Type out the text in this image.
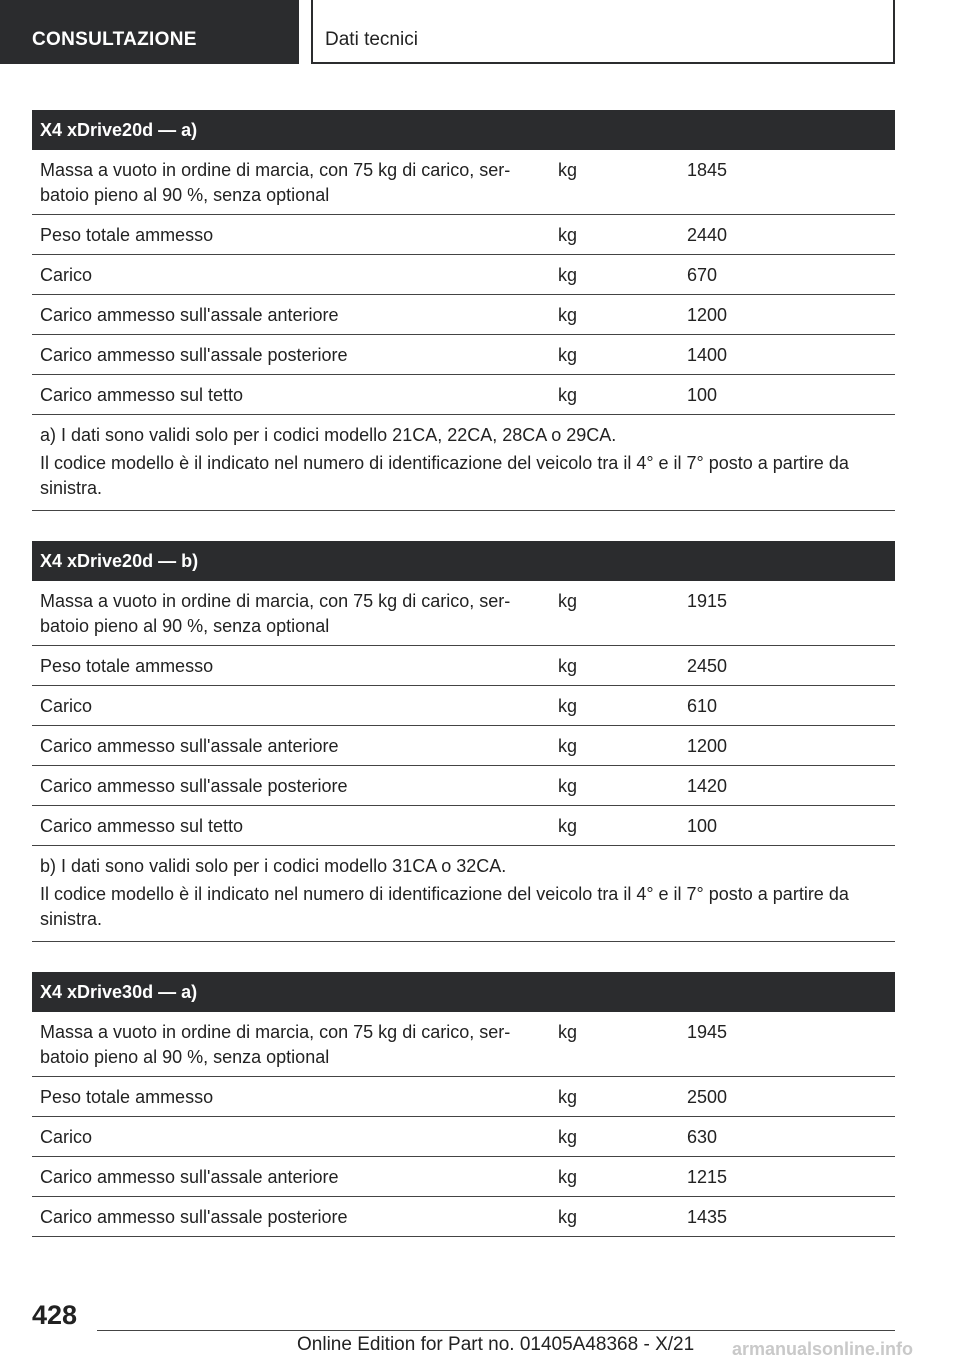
CONSULTAZIONE	Dati tecnici
X4 xDrive20d — a)
Massa a vuoto in ordine di marcia, con 75 kg di carico, ser-
batoio pieno al 90 %, senza optional
kg	1845
Peso totale ammesso	kg	2440
Carico	kg	670
Carico ammesso sull'assale anteriore	kg	1200
Carico ammesso sull'assale posteriore	kg	1400
Carico ammesso sul tetto	kg	100

a) I dati sono validi solo per i codici modello 21CA, 22CA, 28CA o 29CA.

Il codice modello è il indicato nel numero di identificazione del veicolo tra il 4° e il 7° posto a partire da sinistra.

X4 xDrive20d — b)
Massa a vuoto in ordine di marcia, con 75 kg di carico, ser-
batoio pieno al 90 %, senza optional
kg	1915
Peso totale ammesso	kg	2450
Carico	kg	610
Carico ammesso sull'assale anteriore	kg	1200
Carico ammesso sull'assale posteriore	kg	1420
Carico ammesso sul tetto	kg	100

b) I dati sono validi solo per i codici modello 31CA o 32CA.

Il codice modello è il indicato nel numero di identificazione del veicolo tra il 4° e il 7° posto a partire da sinistra.

X4 xDrive30d — a)
Massa a vuoto in ordine di marcia, con 75 kg di carico, ser-
batoio pieno al 90 %, senza optional
kg	1945
Peso totale ammesso	kg	2500
Carico	kg	630
Carico ammesso sull'assale anteriore	kg	1215
Carico ammesso sull'assale posteriore	kg	1435
428
Online Edition for Part no. 01405A48368 - X/21 armanualsonline.info
